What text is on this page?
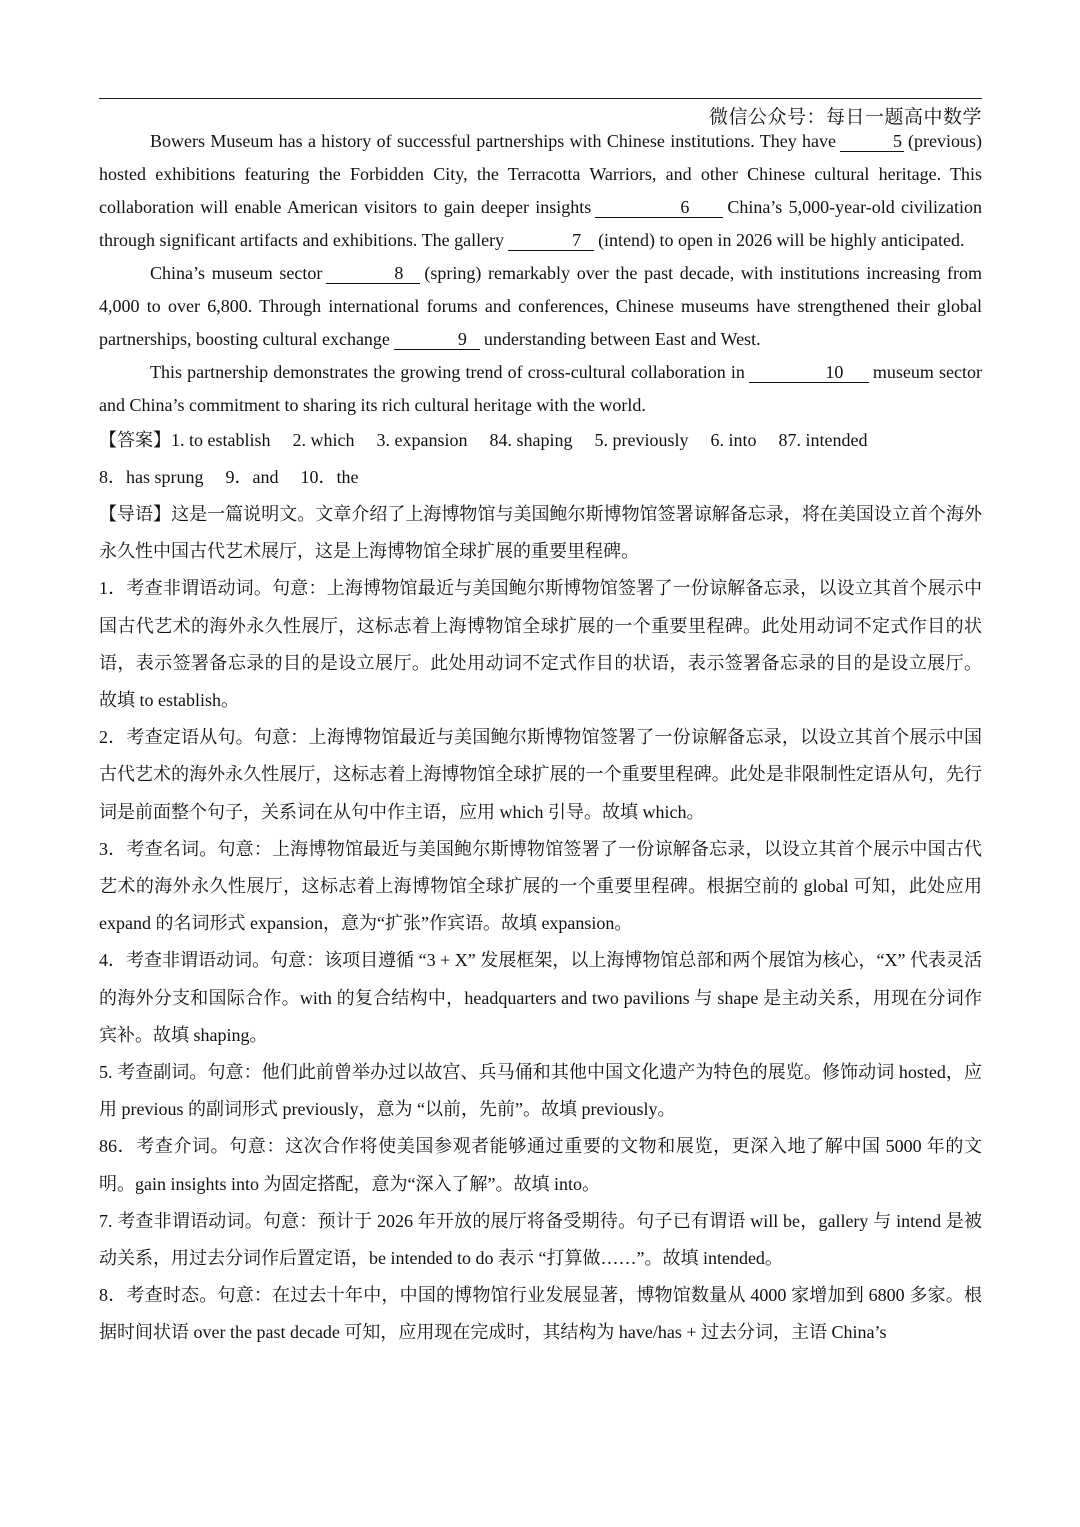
微信公众号：每日一题高中数学

Bowers Museum has a history of successful partnerships with Chinese institutions. They have	5 (previous) hosted exhibitions featuring the Forbidden City, the Terracotta Warriors, and other Chinese cultural heritage. This collaboration will enable American visitors to gain deeper insights	6 China’s 5,000-year-old civilization through significant artifacts and exhibitions. The gallery	7 (intend) to open in 2026 will be highly anticipated.

China’s museum sector	8 (spring) remarkably over the past decade, with institutions increasing from 4,000 to over 6,800. Through international forums and conferences, Chinese museums have strengthened their global partnerships, boosting cultural exchange	9 understanding between East and West.

This partnership demonstrates the growing trend of cross-cultural collaboration in	10 museum sector and China’s commitment to sharing its rich cultural heritage with the world.

【答案】1. to establish 2. which 3. expansion 84. shaping 5. previously 6. into 87. intended
8．has sprung 9．and 10．the

【导语】这是一篇说明文。文章介绍了上海博物馆与美国鲍尔斯博物馆签署谅解备忘录，将在美国设立首个海外永久性中国古代艺术展厅，这是上海博物馆全球扩展的重要里程碑。

1．考查非谓语动词。句意：上海博物馆最近与美国鲍尔斯博物馆签署了一份谅解备忘录，以设立其首个展示中国古代艺术的海外永久性展厅，这标志着上海博物馆全球扩展的一个重要里程碑。此处用动词不定式作目的状语，表示签署备忘录的目的是设立展厅。此处用动词不定式作目的状语，表示签署备忘录的目的是设立展厅。 故填 to establish。

2．考查定语从句。句意：上海博物馆最近与美国鲍尔斯博物馆签署了一份谅解备忘录，以设立其首个展示中国古代艺术的海外永久性展厅，这标志着上海博物馆全球扩展的一个重要里程碑。此处是非限制性定语从句，先行词是前面整个句子，关系词在从句中作主语，应用 which 引导。故填 which。

3．考查名词。句意：上海博物馆最近与美国鲍尔斯博物馆签署了一份谅解备忘录，以设立其首个展示中国古代艺术的海外永久性展厅，这标志着上海博物馆全球扩展的一个重要里程碑。根据空前的 global 可知，此处应用 expand 的名词形式 expansion，意为“扩张”作宾语。故填 expansion。

4．考查非谓语动词。句意：该项目遵循 “3 + X” 发展框架，以上海博物馆总部和两个展馆为核心，“X” 代表灵活的海外分支和国际合作。with 的复合结构中，headquarters and two pavilions 与 shape 是主动关系，用现在分词作宾补。故填 shaping。

5. 考查副词。句意：他们此前曾举办过以故宫、兵马俑和其他中国文化遗产为特色的展览。修饰动词 hosted，应用 previous 的副词形式 previously，意为 “以前，先前”。故填 previously。

86．考查介词。句意：这次合作将使美国参观者能够通过重要的文物和展览，更深入地了解中国 5000 年的文明。gain insights into 为固定搭配，意为“深入了解”。故填 into。

7. 考查非谓语动词。句意：预计于 2026 年开放的展厅将备受期待。句子已有谓语 will be，gallery 与 intend 是被动关系，用过去分词作后置定语，be intended to do 表示 “打算做……”。故填 intended。

8．考查时态。句意：在过去十年中，中国的博物馆行业发展显著，博物馆数量从 4000 家增加到 6800 多家。根据时间状语 over the past decade 可知，应用现在完成时，其结构为 have/has + 过去分词，主语 China’s
